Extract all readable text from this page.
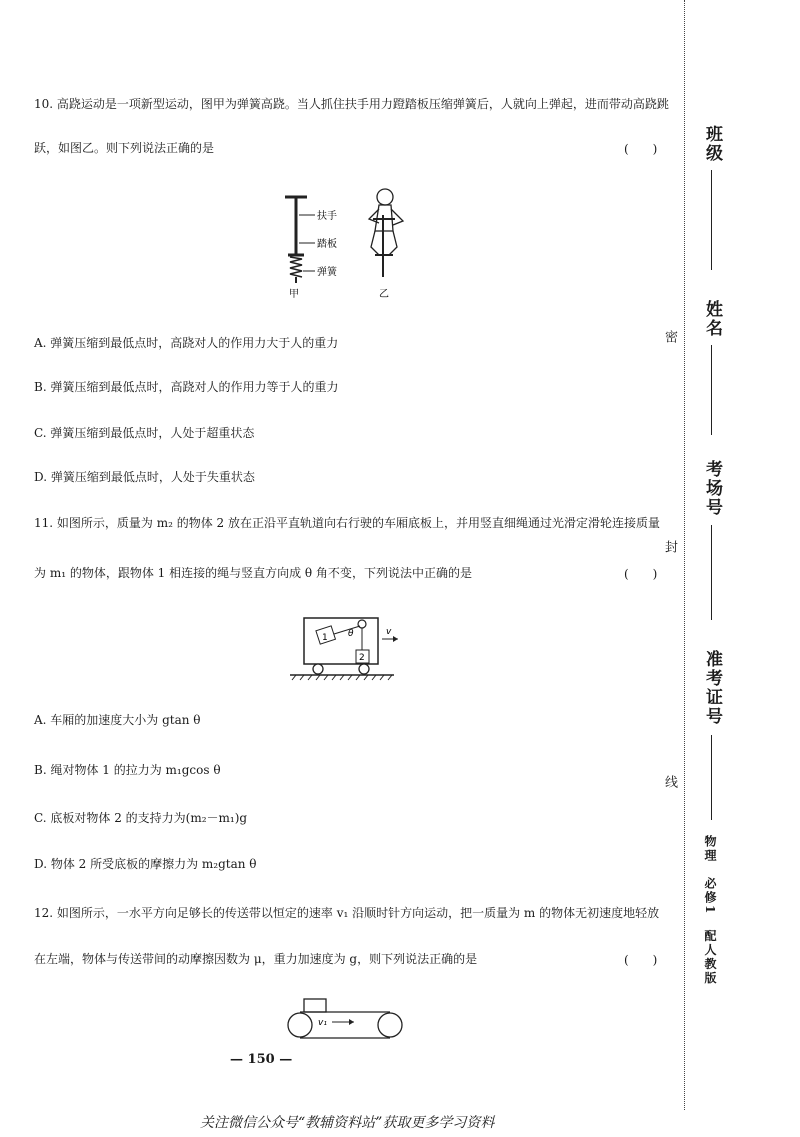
10. 高跷运动是一项新型运动，图甲为弹簧高跷。当人抓住扶手用力蹬踏板压缩弹簧后，人就向上弹起，进而带动高跷跳
跃，如图乙。则下列说法正确的是	(　　)
扶手
踏板
弹簧
甲	乙
A. 弹簧压缩到最低点时，高跷对人的作用力大于人的重力
B. 弹簧压缩到最低点时，高跷对人的作用力等于人的重力
C. 弹簧压缩到最低点时，人处于超重状态
D. 弹簧压缩到最低点时，人处于失重状态
11. 如图所示，质量为 m₂ 的物体 2 放在正沿平直轨道向右行驶的车厢底板上，并用竖直细绳通过光滑定滑轮连接质量
为 m₁ 的物体，跟物体 1 相连接的绳与竖直方向成 θ 角不变，下列说法中正确的是	(　　)
1 θ
2
v
A. 车厢的加速度大小为 gtan θ
B. 绳对物体 1 的拉力为 m₁gcos θ
C. 底板对物体 2 的支持力为(m₂－m₁)g
D. 物体 2 所受底板的摩擦力为 m₂gtan θ
12. 如图所示，一水平方向足够长的传送带以恒定的速率 v₁ 沿顺时针方向运动，把一质量为 m 的物体无初速度地轻放
在左端，物体与传送带间的动摩擦因数为 μ，重力加速度为 g，则下列说法正确的是	(　　)
v₁
— 150 —
关注微信公众号“教辅资料站”获取更多学习资料
班级
姓名
考场号
准考证号
密
封
线
物理　必修1　配人教版
